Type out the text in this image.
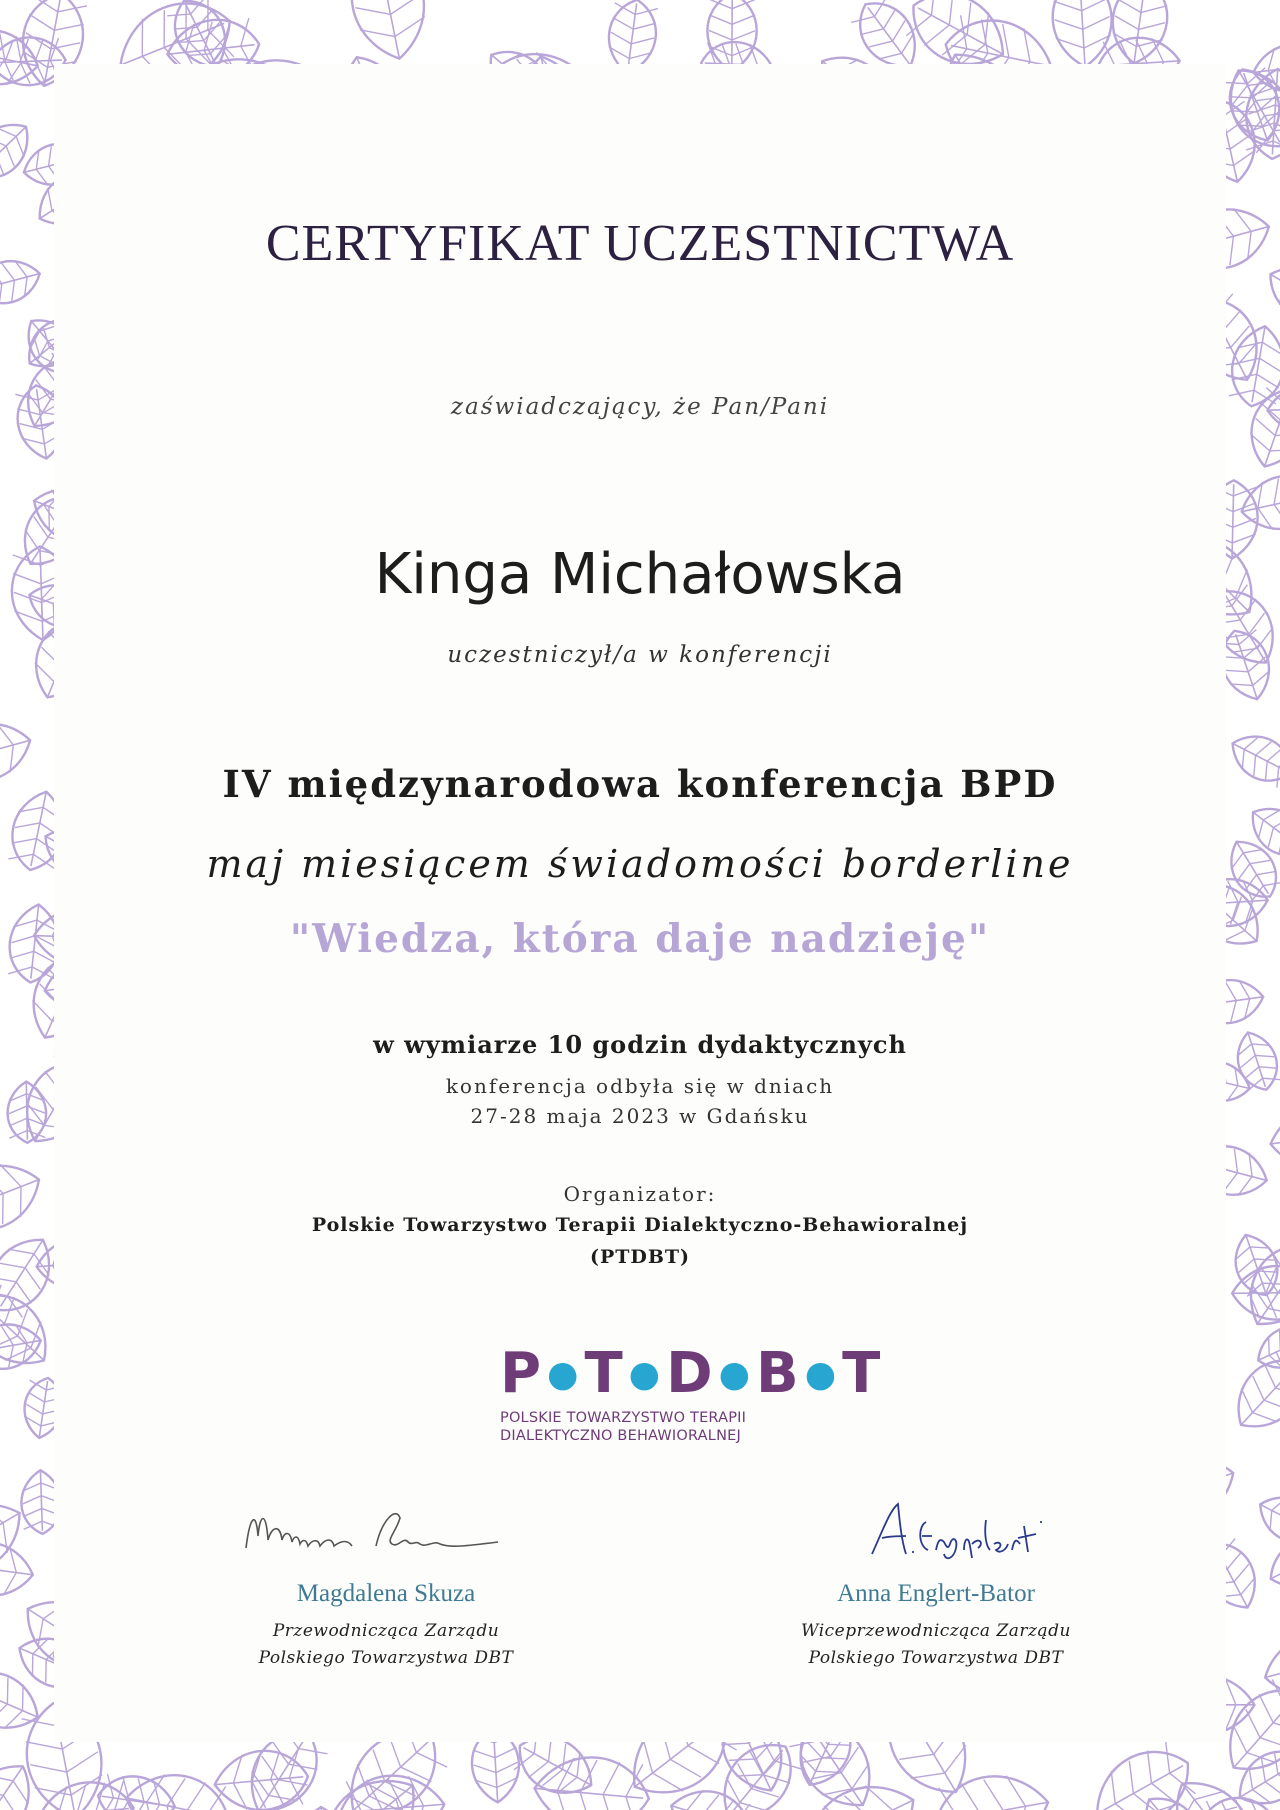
CERTYFIKAT UCZESTNICTWA
zaświadczający, że Pan/Pani
Kinga Michałowska
uczestniczył/a w konferencji
IV międzynarodowa konferencja BPD
maj miesiącem świadomości borderline
"Wiedza, która daje nadzieję"
w wymiarze 10 godzin dydaktycznych
konferencja odbyła się w dniach
27-28 maja 2023 w Gdańsku
Organizator:
Polskie Towarzystwo Terapii Dialektyczno-Behawioralnej
(PTDBT)
P ●T ●D ●B ●T
POLSKIE TOWARZYSTWO TERAPII
DIALEKTYCZNO BEHAWIORALNEJ
Magdalena Skuza
Przewodnicząca Zarządu
Polskiego Towarzystwa DBT
Anna Englert-Bator
Wiceprzewodnicząca Zarządu
Polskiego Towarzystwa DBT
